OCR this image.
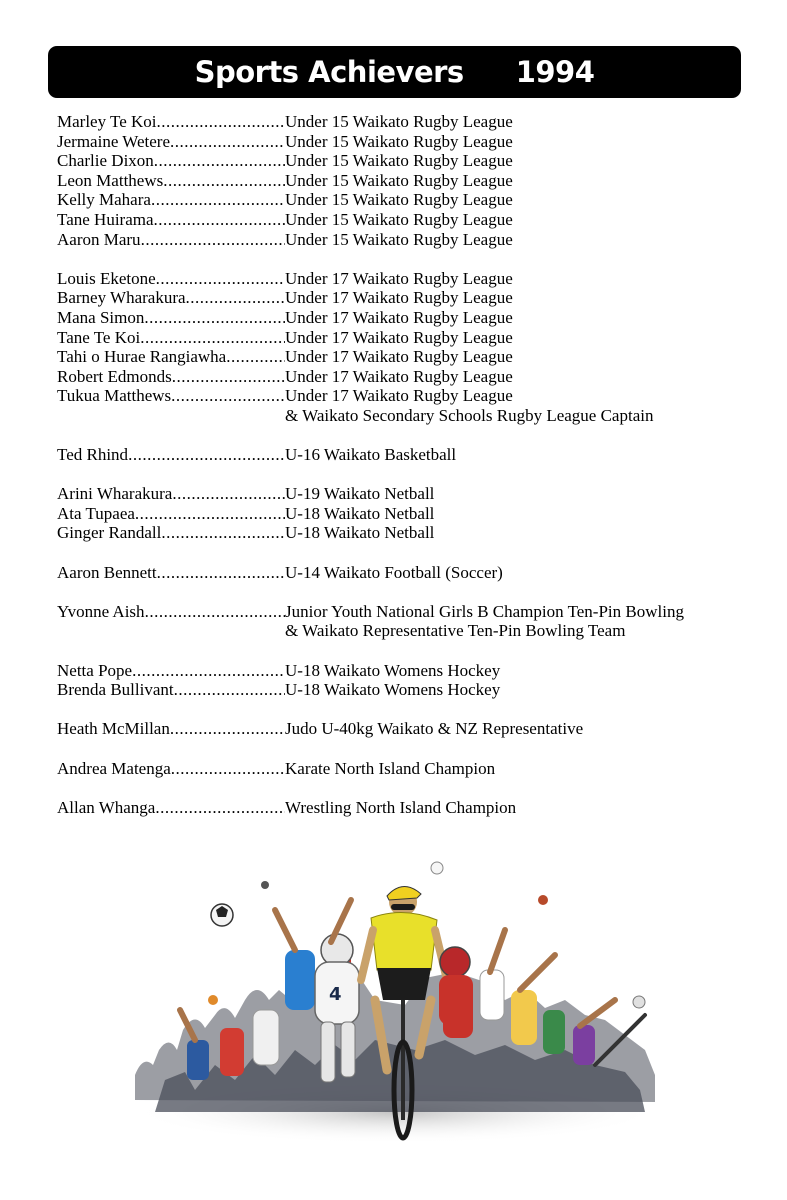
Sports Achievers 1994
Marley Te Koi .....	Under 15 Waikato Rugby League
Jermaine Wetere .....	Under 15 Waikato Rugby League
Charlie Dixon .....	Under 15 Waikato Rugby League
Leon Matthews .....	Under 15 Waikato Rugby League
Kelly Mahara .....	Under 15 Waikato Rugby League
Tane Huirama .....	Under 15 Waikato Rugby League
Aaron Maru .....	Under 15 Waikato Rugby League
Louis Eketone .....	Under 17 Waikato Rugby League
Barney Wharakura .....	Under 17 Waikato Rugby League
Mana Simon .....	Under 17 Waikato Rugby League
Tane Te Koi .....	Under 17 Waikato Rugby League
Tahi o Hurae Rangiawha .....	Under 17 Waikato Rugby League
Robert Edmonds .....	Under 17 Waikato Rugby League
Tukua Matthews .....	Under 17 Waikato Rugby League
& Waikato Secondary Schools Rugby League Captain
Ted Rhind .....	U-16 Waikato Basketball
Arini Wharakura .....	U-19 Waikato Netball
Ata Tupaea .....	U-18 Waikato Netball
Ginger Randall .....	U-18 Waikato Netball
Aaron Bennett .....	U-14 Waikato Football (Soccer)
Yvonne Aish .....	Junior Youth National Girls B Champion Ten-Pin Bowling
& Waikato Representative Ten-Pin Bowling Team
Netta Pope .....	U-18 Waikato Womens Hockey
Brenda Bullivant .....	U-18 Waikato Womens Hockey
Heath McMillan .....	Judo U-40kg Waikato & NZ Representative
Andrea Matenga .....	Karate North Island Champion
Allan Whanga .....	Wrestling North Island Champion
4
